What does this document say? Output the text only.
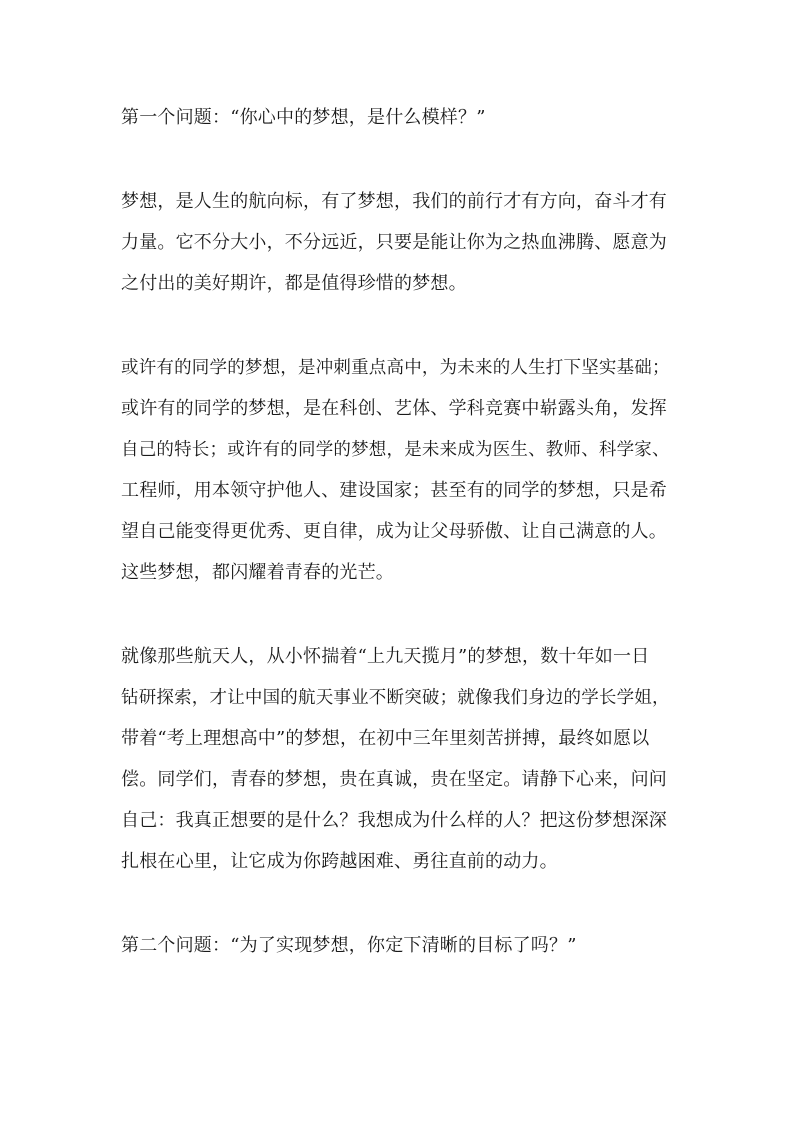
第一个问题：“你心中的梦想，是什么模样？”
梦想，是人生的航向标，有了梦想，我们的前行才有方向，奋斗才有
力量。它不分大小，不分远近，只要是能让你为之热血沸腾、愿意为
之付出的美好期许，都是值得珍惜的梦想。
或许有的同学的梦想，是冲刺重点高中，为未来的人生打下坚实基础；
或许有的同学的梦想，是在科创、艺体、学科竞赛中崭露头角，发挥
自己的特长；或许有的同学的梦想，是未来成为医生、教师、科学家、
工程师，用本领守护他人、建设国家；甚至有的同学的梦想，只是希
望自己能变得更优秀、更自律，成为让父母骄傲、让自己满意的人。
这些梦想，都闪耀着青春的光芒。
就像那些航天人，从小怀揣着“上九天揽月”的梦想，数十年如一日
钻研探索，才让中国的航天事业不断突破；就像我们身边的学长学姐，
带着“考上理想高中”的梦想，在初中三年里刻苦拼搏，最终如愿以
偿。同学们，青春的梦想，贵在真诚，贵在坚定。请静下心来，问问
自己：我真正想要的是什么？我想成为什么样的人？把这份梦想深深
扎根在心里，让它成为你跨越困难、勇往直前的动力。
第二个问题：“为了实现梦想，你定下清晰的目标了吗？”
